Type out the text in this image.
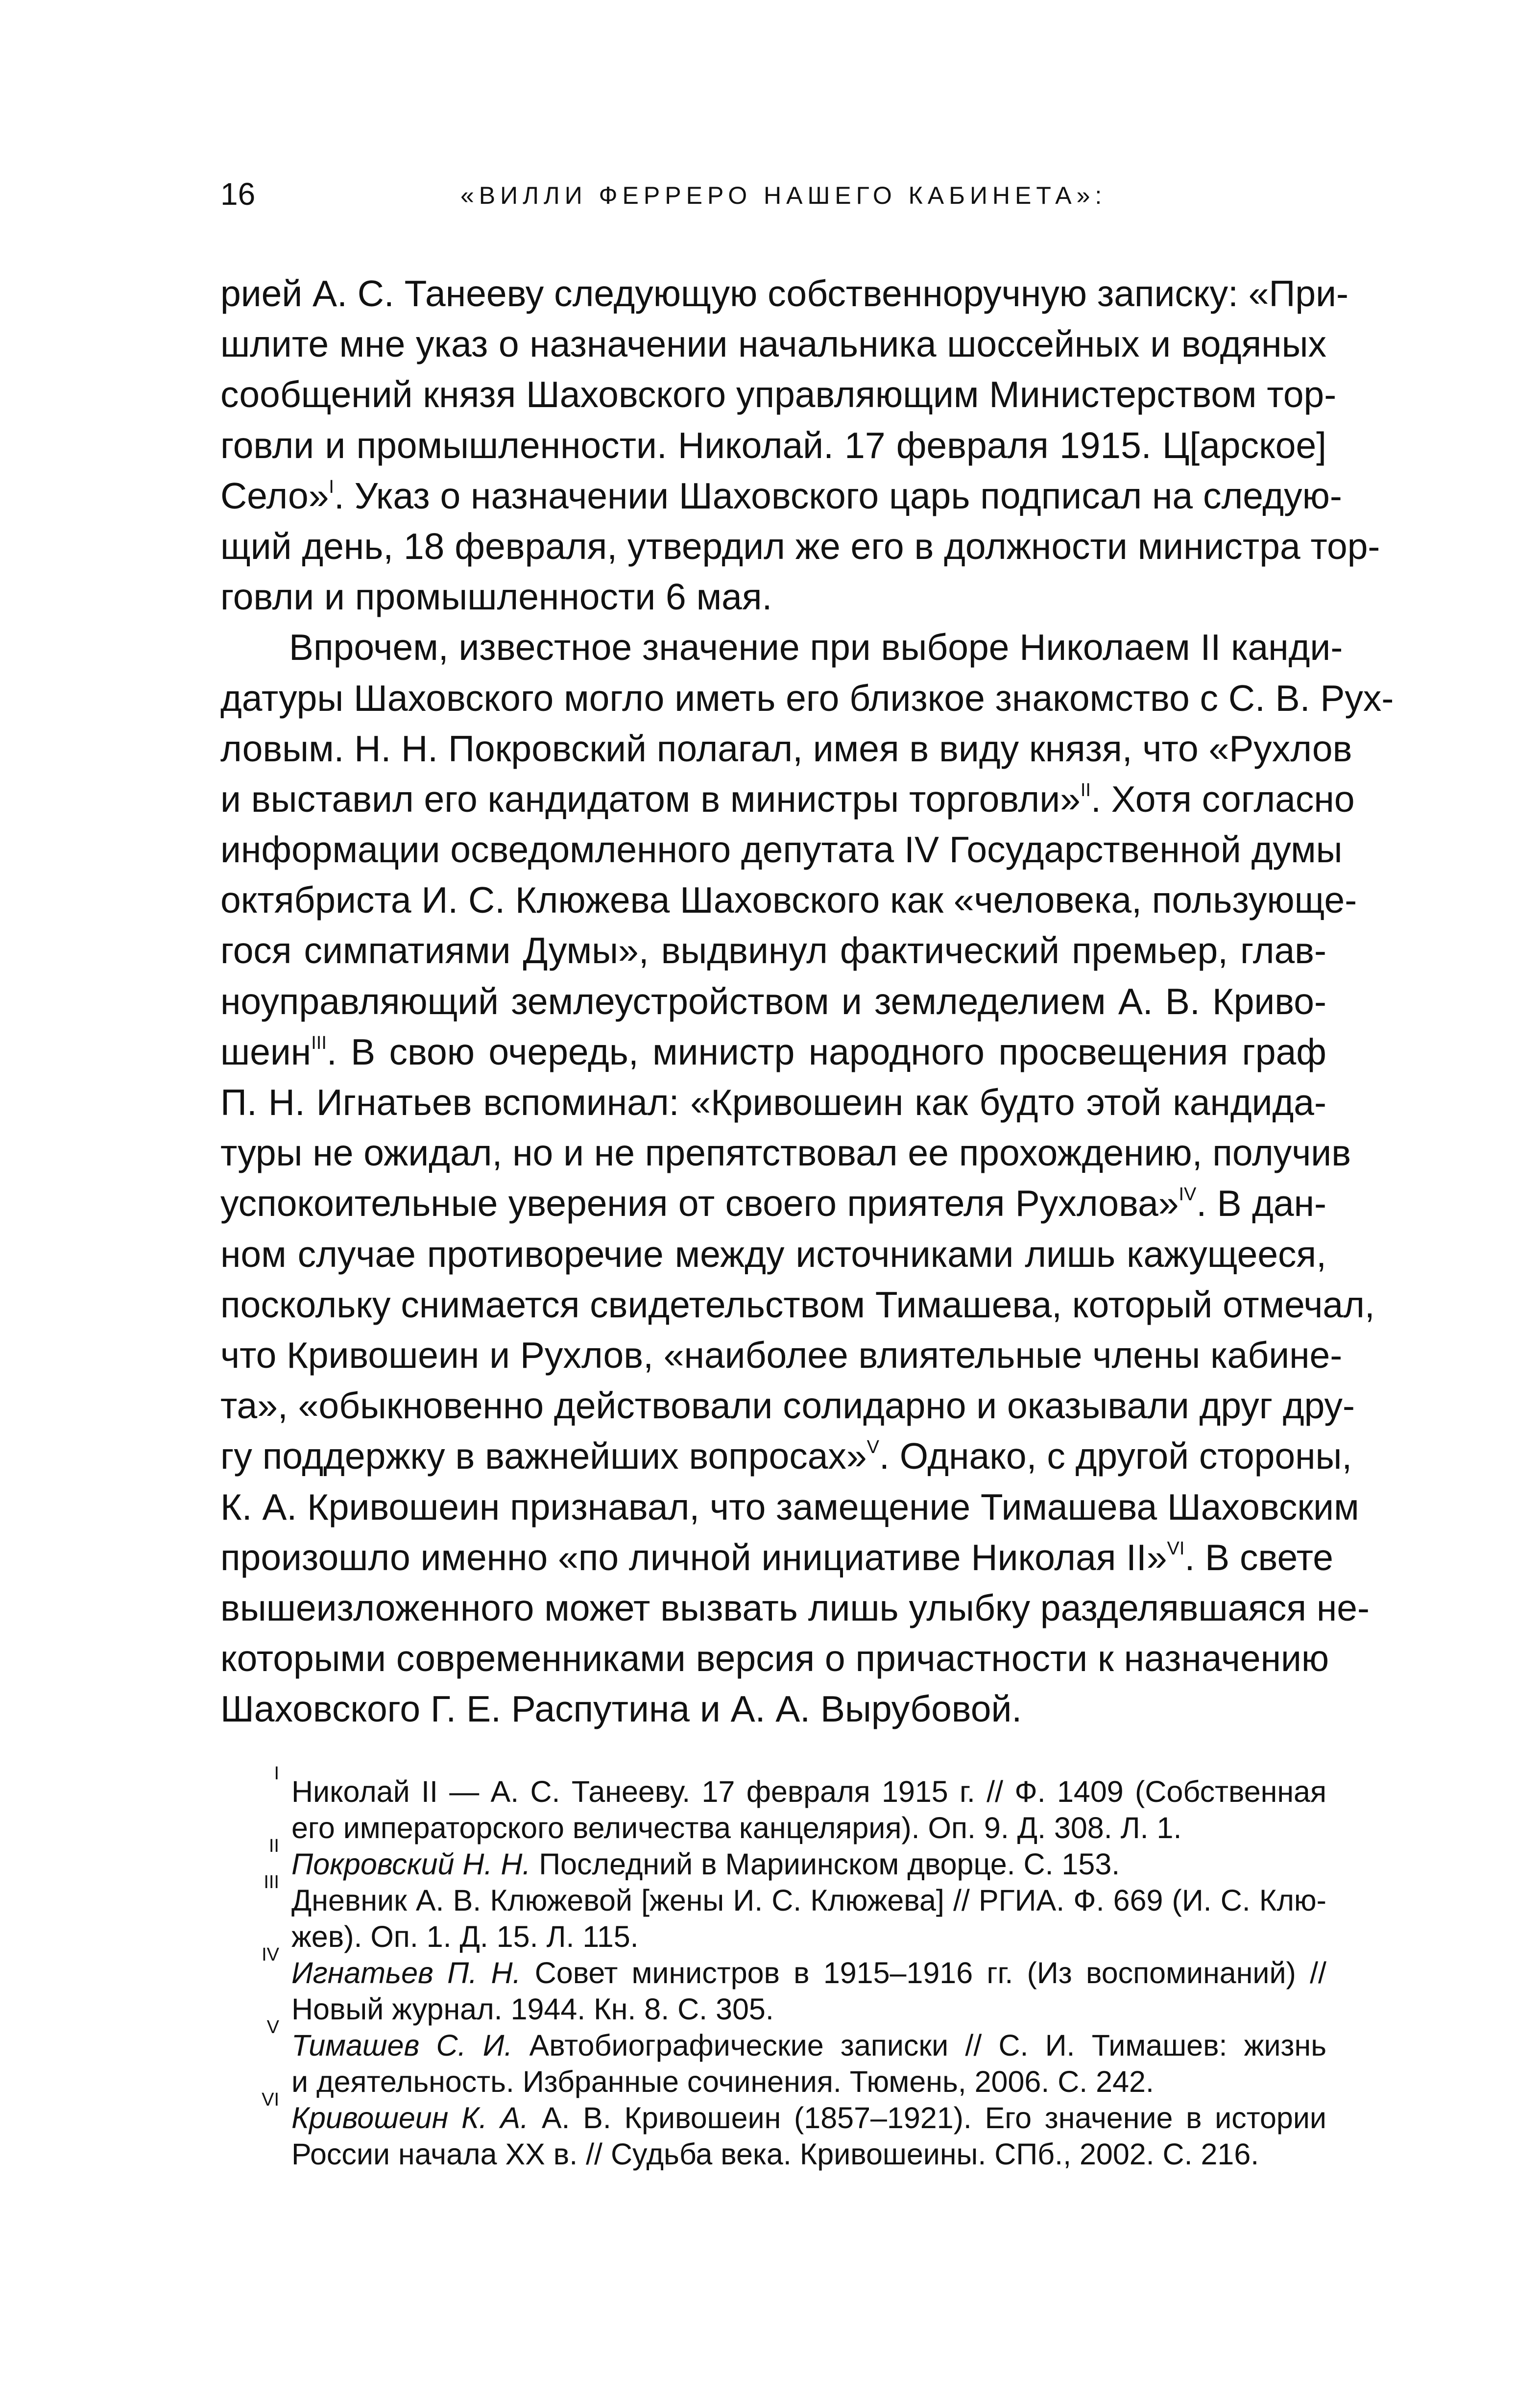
16	«ВИЛЛИ ФЕРРЕРО НАШЕГО КАБИНЕТА»:
рией А. С. Танееву следующую собственноручную записку: «При-
шлите мне указ о назначении начальника шоссейных и водяных
сообщений князя Шаховского управляющим Министерством тор-
говли и промышленности. Николай. 17 февраля 1915. Ц[арское]
Село»$^I$. Указ о назначении Шаховского царь подписал на следую-
щий день, 18 февраля, утвердил же его в должности министра тор-
говли и промышленности 6 мая.
Впрочем, известное значение при выборе Николаем II канди-
датуры Шаховского могло иметь его близкое знакомство с С. В. Рух-
ловым. Н. Н. Покровский полагал, имея в виду князя, что «Рухлов
и выставил его кандидатом в министры торговли»$^{II}$. Хотя согласно
информации осведомленного депутата IV Государственной думы
октябриста И. С. Клюжева Шаховского как «человека, пользующе-
гося симпатиями Думы», выдвинул фактический премьер, глав-
ноуправляющий землеустройством и земледелием А. В. Криво-
шеин$^{III}$. В свою очередь, министр народного просвещения граф
П. Н. Игнатьев вспоминал: «Кривошеин как будто этой кандида-
туры не ожидал, но и не препятствовал ее прохождению, получив
успокоительные уверения от своего приятеля Рухлова»$^{IV}$. В дан-
ном случае противоречие между источниками лишь кажущееся,
поскольку снимается свидетельством Тимашева, который отмечал,
что Кривошеин и Рухлов, «наиболее влиятельные члены кабине-
та», «обыкновенно действовали солидарно и оказывали друг дру-
гу поддержку в важнейших вопросах»$^V$. Однако, с другой стороны,
К. А. Кривошеин признавал, что замещение Тимашева Шаховским
произошло именно «по личной инициативе Николая II»$^{VI}$. В свете
вышеизложенного может вызвать лишь улыбку разделявшаяся не-
которыми современниками версия о причастности к назначению
Шаховского Г. Е. Распутина и А. А. Вырубовой.
I
Николай II — А. С. Танееву. 17 февраля 1915 г. // Ф. 1409 (Собственная
его императорского величества канцелярия). Оп. 9. Д. 308. Л. 1.
II
Покровский Н. Н. Последний в Мариинском дворце. С. 153.
III
Дневник А. В. Клюжевой [жены И. С. Клюжева] // РГИА. Ф. 669 (И. С. Клю-
жев). Оп. 1. Д. 15. Л. 115.
IV
Игнатьев П. Н. Совет министров в 1915–1916 гг. (Из воспоминаний) //
Новый журнал. 1944. Кн. 8. С. 305.
V
Тимашев С. И. Автобиографические записки // С. И. Тимашев: жизнь
и деятельность. Избранные сочинения. Тюмень, 2006. С. 242.
VI
Кривошеин К. А. А. В. Кривошеин (1857–1921). Его значение в истории
России начала XX в. // Судьба века. Кривошеины. СПб., 2002. С. 216.
